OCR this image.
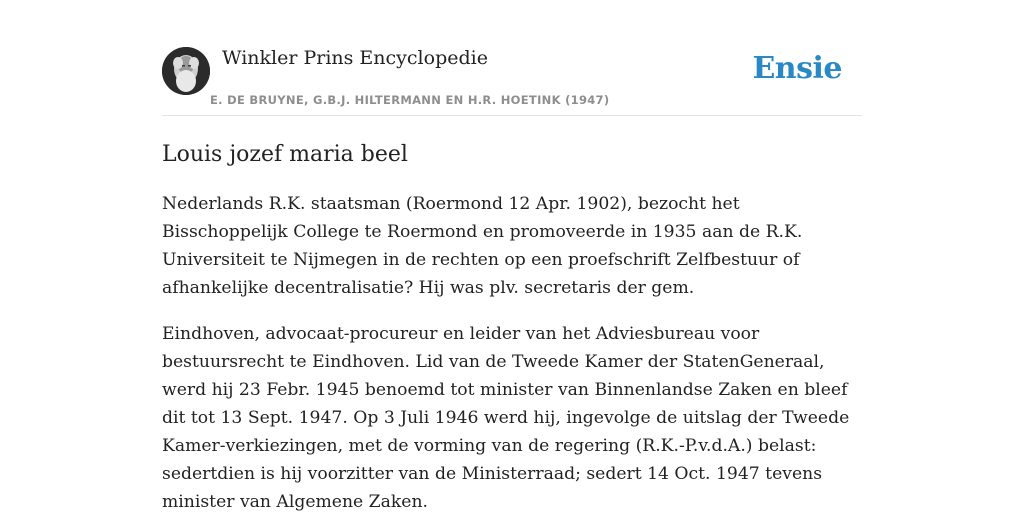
Winkler Prins Encyclopedie
E. DE BRUYNE, G.B.J. HILTERMANN EN H.R. HOETINK (1947)
Ensie
Louis jozef maria beel

Nederlands R.K. staatsman (Roermond 12 Apr. 1902), bezocht het Bisschoppelijk College te Roermond en promoveerde in 1935 aan de R.K. Universiteit te Nijmegen in de rechten op een proefschrift Zelfbestuur of afhankelijke decentralisatie? Hij was plv. secretaris der gem.

Eindhoven, advocaat-procureur en leider van het Adviesbureau voor bestuursrecht te Eindhoven. Lid van de Tweede Kamer der StatenGeneraal, werd hij 23 Febr. 1945 benoemd tot minister van Binnenlandse Zaken en bleef dit tot 13 Sept. 1947. Op 3 Juli 1946 werd hij, ingevolge de uitslag der Tweede Kamer-verkiezingen, met de vorming van de regering (R.K.-P.v.d.A.) belast: sedertdien is hij voorzitter van de Ministerraad; sedert 14 Oct. 1947 tevens minister van Algemene Zaken.
